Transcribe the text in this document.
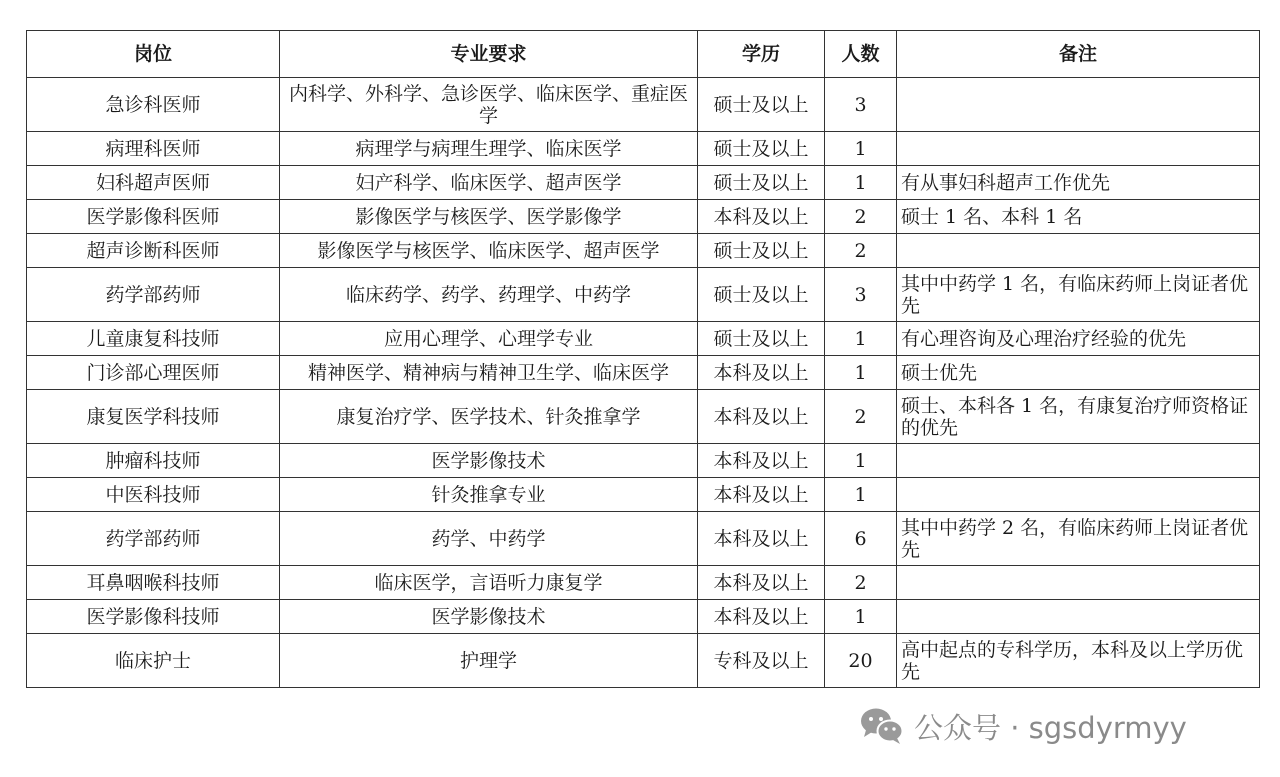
岗位	专业要求	学历	人数	备注
急诊科医师	内科学、外科学、急诊医学、临床医学、重症医学	硕士及以上	3	
病理科医师	病理学与病理生理学、临床医学	硕士及以上	1	
妇科超声医师	妇产科学、临床医学、超声医学	硕士及以上	1	有从事妇科超声工作优先
医学影像科医师	影像医学与核医学、医学影像学	本科及以上	2	硕士 1 名、本科 1 名
超声诊断科医师	影像医学与核医学、临床医学、超声医学	硕士及以上	2	
药学部药师	临床药学、药学、药理学、中药学	硕士及以上	3	其中中药学 1 名，有临床药师上岗证者优先
儿童康复科技师	应用心理学、心理学专业	硕士及以上	1	有心理咨询及心理治疗经验的优先
门诊部心理医师	精神医学、精神病与精神卫生学、临床医学	本科及以上	1	硕士优先
康复医学科技师	康复治疗学、医学技术、针灸推拿学	本科及以上	2	硕士、本科各 1 名，有康复治疗师资格证的优先
肿瘤科技师	医学影像技术	本科及以上	1	
中医科技师	针灸推拿专业	本科及以上	1	
药学部药师	药学、中药学	本科及以上	6	其中中药学 2 名，有临床药师上岗证者优先
耳鼻咽喉科技师	临床医学，言语听力康复学	本科及以上	2	
医学影像科技师	医学影像技术	本科及以上	1	
临床护士	护理学	专科及以上	20	高中起点的专科学历，本科及以上学历优先
公众号 · sgsdyrmyy
